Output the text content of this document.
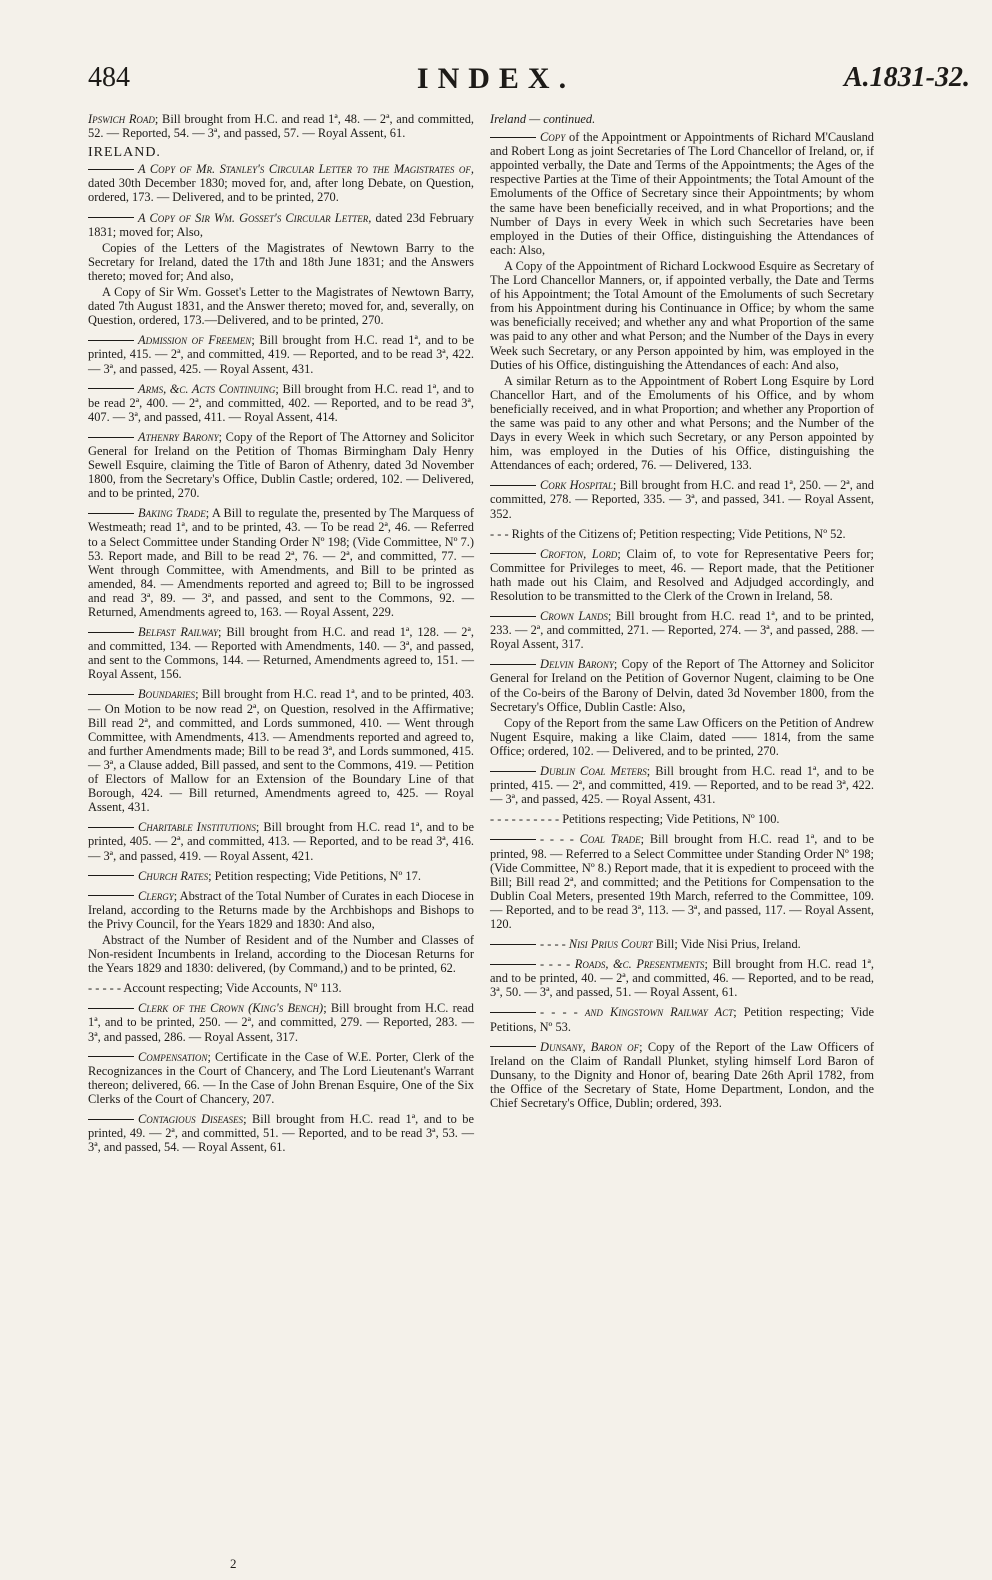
484	INDEX.	A.1831-32.
Ipswich Road; Bill brought from H.C. and read 1ª, 48. — 2ª, and committed, 52. — Reported, 54. — 3ª, and passed, 57. — Royal Assent, 61.
IRELAND.
A Copy of Mr. Stanley's Circular Letter to the Magistrates of, dated 30th December 1830; moved for, and, after long Debate, on Question, ordered, 173. — Delivered, and to be printed, 270.
A Copy of Sir Wm. Gosset's Circular Letter, dated 23d February 1831; moved for; Also,
Copies of the Letters of the Magistrates of Newtown Barry to the Secretary for Ireland, dated the 17th and 18th June 1831; and the Answers thereto; moved for; And also,
A Copy of Sir Wm. Gosset's Letter to the Magistrates of Newtown Barry, dated 7th August 1831, and the Answer thereto; moved for, and, severally, on Question, ordered, 173.—Delivered, and to be printed, 270.
Admission of Freemen; Bill brought from H.C. read 1ª, and to be printed, 415. — 2ª, and committed, 419. — Reported, and to be read 3ª, 422. — 3ª, and passed, 425. — Royal Assent, 431.
Arms, &c. Acts Continuing; Bill brought from H.C. read 1ª, and to be read 2ª, 400. — 2ª, and committed, 402. — Reported, and to be read 3ª, 407. — 3ª, and passed, 411. — Royal Assent, 414.
Athenry Barony; Copy of the Report of The Attorney and Solicitor General for Ireland on the Petition of Thomas Birmingham Daly Henry Sewell Esquire, claiming the Title of Baron of Athenry, dated 3d November 1800, from the Secretary's Office, Dublin Castle; ordered, 102. — Delivered, and to be printed, 270.
Baking Trade; A Bill to regulate the, presented by The Marquess of Westmeath; read 1ª, and to be printed, 43. — To be read 2ª, 46. — Referred to a Select Committee under Standing Order Nº 198; (Vide Committee, Nº 7.) 53. Report made, and Bill to be read 2ª, 76. — 2ª, and committed, 77. — Went through Committee, with Amendments, and Bill to be printed as amended, 84. — Amendments reported and agreed to; Bill to be ingrossed and read 3ª, 89. — 3ª, and passed, and sent to the Commons, 92. — Returned, Amendments agreed to, 163. — Royal Assent, 229.
Belfast Railway; Bill brought from H.C. and read 1ª, 128. — 2ª, and committed, 134. — Reported with Amendments, 140. — 3ª, and passed, and sent to the Commons, 144. — Returned, Amendments agreed to, 151. — Royal Assent, 156.
Boundaries; Bill brought from H.C. read 1ª, and to be printed, 403. — On Motion to be now read 2ª, on Question, resolved in the Affirmative; Bill read 2ª, and committed, and Lords summoned, 410. — Went through Committee, with Amendments, 413. — Amendments reported and agreed to, and further Amendments made; Bill to be read 3ª, and Lords summoned, 415. — 3ª, a Clause added, Bill passed, and sent to the Commons, 419. — Petition of Electors of Mallow for an Extension of the Boundary Line of that Borough, 424. — Bill returned, Amendments agreed to, 425. — Royal Assent, 431.
Charitable Institutions; Bill brought from H.C. read 1ª, and to be printed, 405. — 2ª, and committed, 413. — Reported, and to be read 3ª, 416. — 3ª, and passed, 419. — Royal Assent, 421.
Church Rates; Petition respecting; Vide Petitions, Nº 17.
Clergy; Abstract of the Total Number of Curates in each Diocese in Ireland, according to the Returns made by the Archbishops and Bishops to the Privy Council, for the Years 1829 and 1830: And also,
Abstract of the Number of Resident and of the Number and Classes of Non-resident Incumbents in Ireland, according to the Diocesan Returns for the Years 1829 and 1830: delivered, (by Command,) and to be printed, 62.
- - - - - Account respecting; Vide Accounts, Nº 113.
Clerk of the Crown (King's Bench); Bill brought from H.C. read 1ª, and to be printed, 250. — 2ª, and committed, 279. — Reported, 283. — 3ª, and passed, 286. — Royal Assent, 317.
Compensation; Certificate in the Case of W.E. Porter, Clerk of the Recognizances in the Court of Chancery, and The Lord Lieutenant's Warrant thereon; delivered, 66. — In the Case of John Brenan Esquire, One of the Six Clerks of the Court of Chancery, 207.
Contagious Diseases; Bill brought from H.C. read 1ª, and to be printed, 49. — 2ª, and committed, 51. — Reported, and to be read 3ª, 53. — 3ª, and passed, 54. — Royal Assent, 61.
Ireland — continued.
Copy of the Appointment or Appointments of Richard M'Causland and Robert Long as joint Secretaries of The Lord Chancellor of Ireland, or, if appointed verbally, the Date and Terms of the Appointments; the Ages of the respective Parties at the Time of their Appointments; the Total Amount of the Emoluments of the Office of Secretary since their Appointments; by whom the same have been beneficially received, and in what Proportions; and the Number of Days in every Week in which such Secretaries have been employed in the Duties of their Office, distinguishing the Attendances of each: Also,
A Copy of the Appointment of Richard Lockwood Esquire as Secretary of The Lord Chancellor Manners, or, if appointed verbally, the Date and Terms of his Appointment; the Total Amount of the Emoluments of such Secretary from his Appointment during his Continuance in Office; by whom the same was beneficially received; and whether any and what Proportion of the same was paid to any other and what Person; and the Number of the Days in every Week such Secretary, or any Person appointed by him, was employed in the Duties of his Office, distinguishing the Attendances of each: And also,
A similar Return as to the Appointment of Robert Long Esquire by Lord Chancellor Hart, and of the Emoluments of his Office, and by whom beneficially received, and in what Proportion; and whether any Proportion of the same was paid to any other and what Persons; and the Number of the Days in every Week in which such Secretary, or any Person appointed by him, was employed in the Duties of his Office, distinguishing the Attendances of each; ordered, 76. — Delivered, 133.
Cork Hospital; Bill brought from H.C. and read 1ª, 250. — 2ª, and committed, 278. — Reported, 335. — 3ª, and passed, 341. — Royal Assent, 352.
- - - Rights of the Citizens of; Petition respecting; Vide Petitions, Nº 52.
Crofton, Lord; Claim of, to vote for Representative Peers for; Committee for Privileges to meet, 46. — Report made, that the Petitioner hath made out his Claim, and Resolved and Adjudged accordingly, and Resolution to be transmitted to the Clerk of the Crown in Ireland, 58.
Crown Lands; Bill brought from H.C. read 1ª, and to be printed, 233. — 2ª, and committed, 271. — Reported, 274. — 3ª, and passed, 288. — Royal Assent, 317.
Delvin Barony; Copy of the Report of The Attorney and Solicitor General for Ireland on the Petition of Governor Nugent, claiming to be One of the Co-beirs of the Barony of Delvin, dated 3d November 1800, from the Secretary's Office, Dublin Castle: Also,
Copy of the Report from the same Law Officers on the Petition of Andrew Nugent Esquire, making a like Claim, dated —— 1814, from the same Office; ordered, 102. — Delivered, and to be printed, 270.
Dublin Coal Meters; Bill brought from H.C. read 1ª, and to be printed, 415. — 2ª, and committed, 419. — Reported, and to be read 3ª, 422. — 3ª, and passed, 425. — Royal Assent, 431.
- - - - - - - - - - Petitions respecting; Vide Petitions, Nº 100.
- - - - Coal Trade; Bill brought from H.C. read 1ª, and to be printed, 98. — Referred to a Select Committee under Standing Order Nº 198; (Vide Committee, Nº 8.) Report made, that it is expedient to proceed with the Bill; Bill read 2ª, and committed; and the Petitions for Compensation to the Dublin Coal Meters, presented 19th March, referred to the Committee, 109. — Reported, and to be read 3ª, 113. — 3ª, and passed, 117. — Royal Assent, 120.
- - - - Nisi Prius Court Bill; Vide Nisi Prius, Ireland.
- - - - Roads, &c. Presentments; Bill brought from H.C. read 1ª, and to be printed, 40. — 2ª, and committed, 46. — Reported, and to be read, 3ª, 50. — 3ª, and passed, 51. — Royal Assent, 61.
- - - - and Kingstown Railway Act; Petition respecting; Vide Petitions, Nº 53.
Dunsany, Baron of; Copy of the Report of the Law Officers of Ireland on the Claim of Randall Plunket, styling himself Lord Baron of Dunsany, to the Dignity and Honor of, bearing Date 26th April 1782, from the Office of the Secretary of State, Home Department, London, and the Chief Secretary's Office, Dublin; ordered, 393.
2
